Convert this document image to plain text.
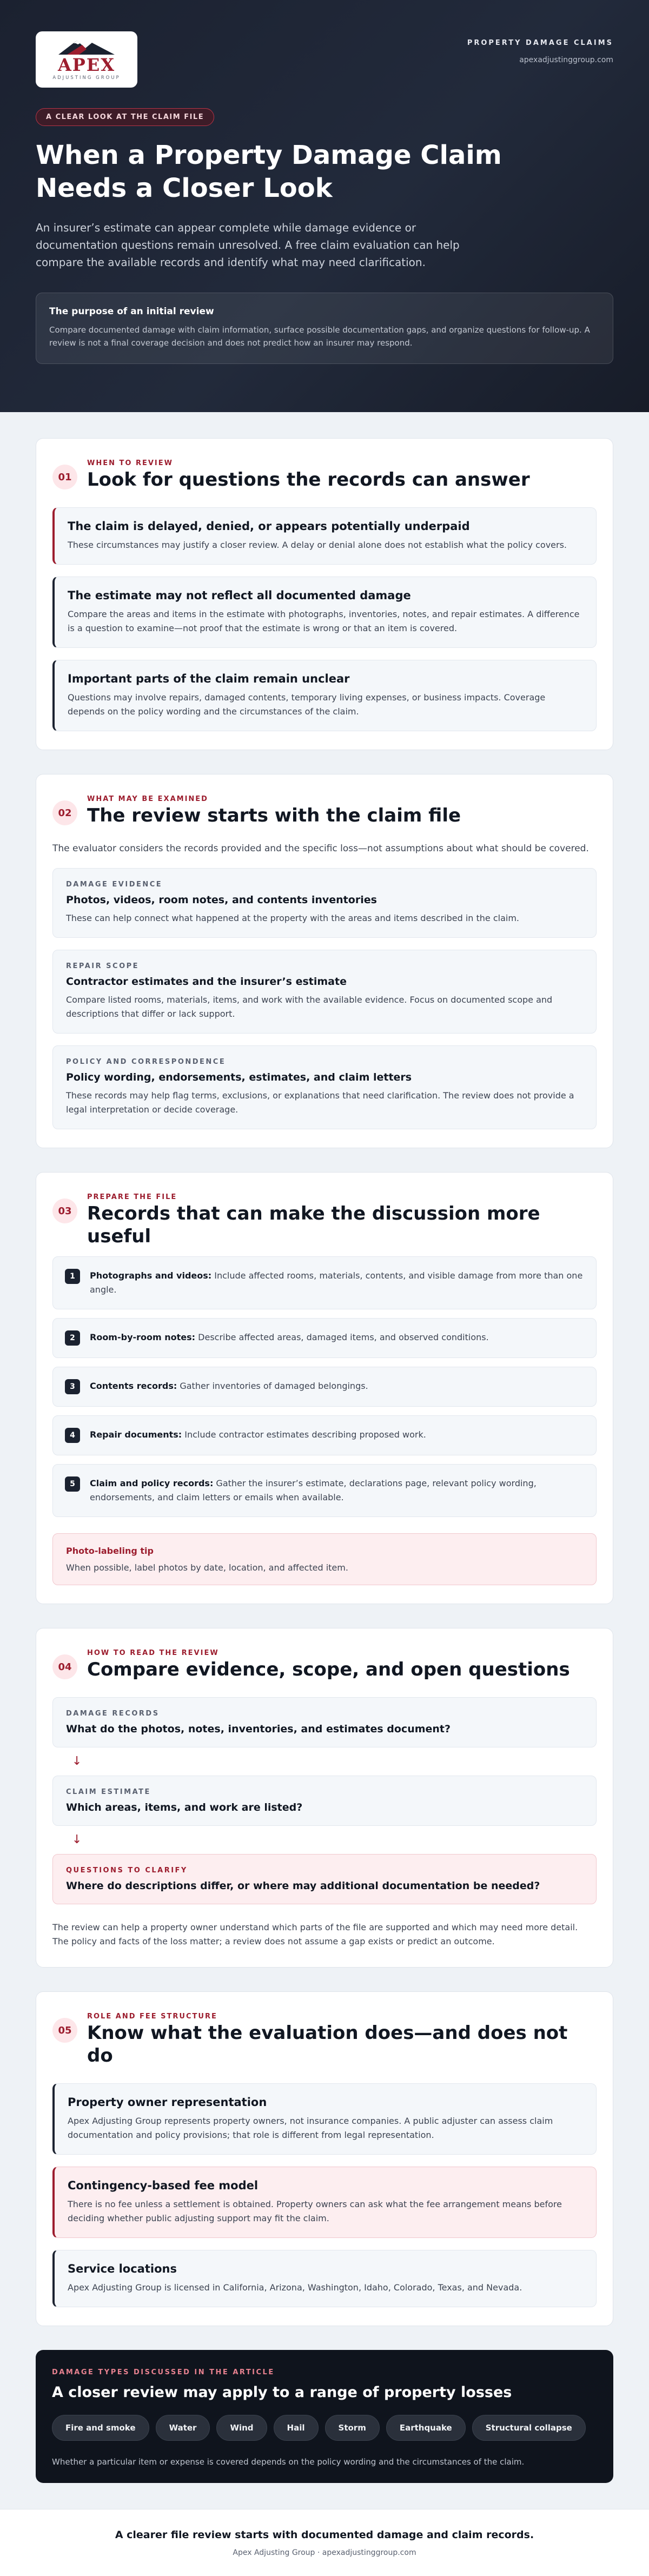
APEX
ADJUSTING GROUP
PROPERTY DAMAGE CLAIMS
apexadjustinggroup.com
A CLEAR LOOK AT THE CLAIM FILE
When a Property Damage Claim Needs a Closer Look

An insurer’s estimate can appear complete while damage evidence or documentation questions remain unresolved. A free claim evaluation can help compare the available records and identify what may need clarification.

The purpose of an initial review

Compare documented damage with claim information, surface possible documentation gaps, and organize questions for follow-up. A review is not a final coverage decision and does not predict how an insurer may respond.

01
WHEN TO REVIEW
Look for questions the records can answer
The claim is delayed, denied, or appears potentially underpaid

These circumstances may justify a closer review. A delay or denial alone does not establish what the policy covers.

The estimate may not reflect all documented damage

Compare the areas and items in the estimate with photographs, inventories, notes, and repair estimates. A difference is a question to examine—not proof that the estimate is wrong or that an item is covered.

Important parts of the claim remain unclear

Questions may involve repairs, damaged contents, temporary living expenses, or business impacts. Coverage depends on the policy wording and the circumstances of the claim.

02
WHAT MAY BE EXAMINED
The review starts with the claim file

The evaluator considers the records provided and the specific loss—not assumptions about what should be covered.

DAMAGE EVIDENCE
Photos, videos, room notes, and contents inventories

These can help connect what happened at the property with the areas and items described in the claim.

REPAIR SCOPE
Contractor estimates and the insurer’s estimate

Compare listed rooms, materials, items, and work with the available evidence. Focus on documented scope and descriptions that differ or lack support.

POLICY AND CORRESPONDENCE
Policy wording, endorsements, estimates, and claim letters

These records may help flag terms, exclusions, or explanations that need clarification. The review does not provide a legal interpretation or decide coverage.

03
PREPARE THE FILE
Records that can make the discussion more useful
1	Photographs and videos: Include affected rooms, materials, contents, and visible damage from more than one angle.
2	Room-by-room notes: Describe affected areas, damaged items, and observed conditions.
3	Contents records: Gather inventories of damaged belongings.
4	Repair documents: Include contractor estimates describing proposed work.
5	Claim and policy records: Gather the insurer’s estimate, declarations page, relevant policy wording, endorsements, and claim letters or emails when available.
Photo-labeling tip

When possible, label photos by date, location, and affected item.

04
HOW TO READ THE REVIEW
Compare evidence, scope, and open questions
DAMAGE RECORDS
What do the photos, notes, inventories, and estimates document?
↓
CLAIM ESTIMATE
Which areas, items, and work are listed?
↓
QUESTIONS TO CLARIFY
Where do descriptions differ, or where may additional documentation be needed?

The review can help a property owner understand which parts of the file are supported and which may need more detail. The policy and facts of the loss matter; a review does not assume a gap exists or predict an outcome.

05
ROLE AND FEE STRUCTURE
Know what the evaluation does—and does not do
Property owner representation

Apex Adjusting Group represents property owners, not insurance companies. A public adjuster can assess claim documentation and policy provisions; that role is different from legal representation.

Contingency-based fee model

There is no fee unless a settlement is obtained. Property owners can ask what the fee arrangement means before deciding whether public adjusting support may fit the claim.

Service locations

Apex Adjusting Group is licensed in California, Arizona, Washington, Idaho, Colorado, Texas, and Nevada.

DAMAGE TYPES DISCUSSED IN THE ARTICLE
A closer review may apply to a range of property losses
Fire and smoke	Water	Wind	Hail	Storm	Earthquake	Structural collapse

Whether a particular item or expense is covered depends on the policy wording and the circumstances of the claim.

A clearer file review starts with documented damage and claim records.
Apex Adjusting Group · apexadjustinggroup.com
